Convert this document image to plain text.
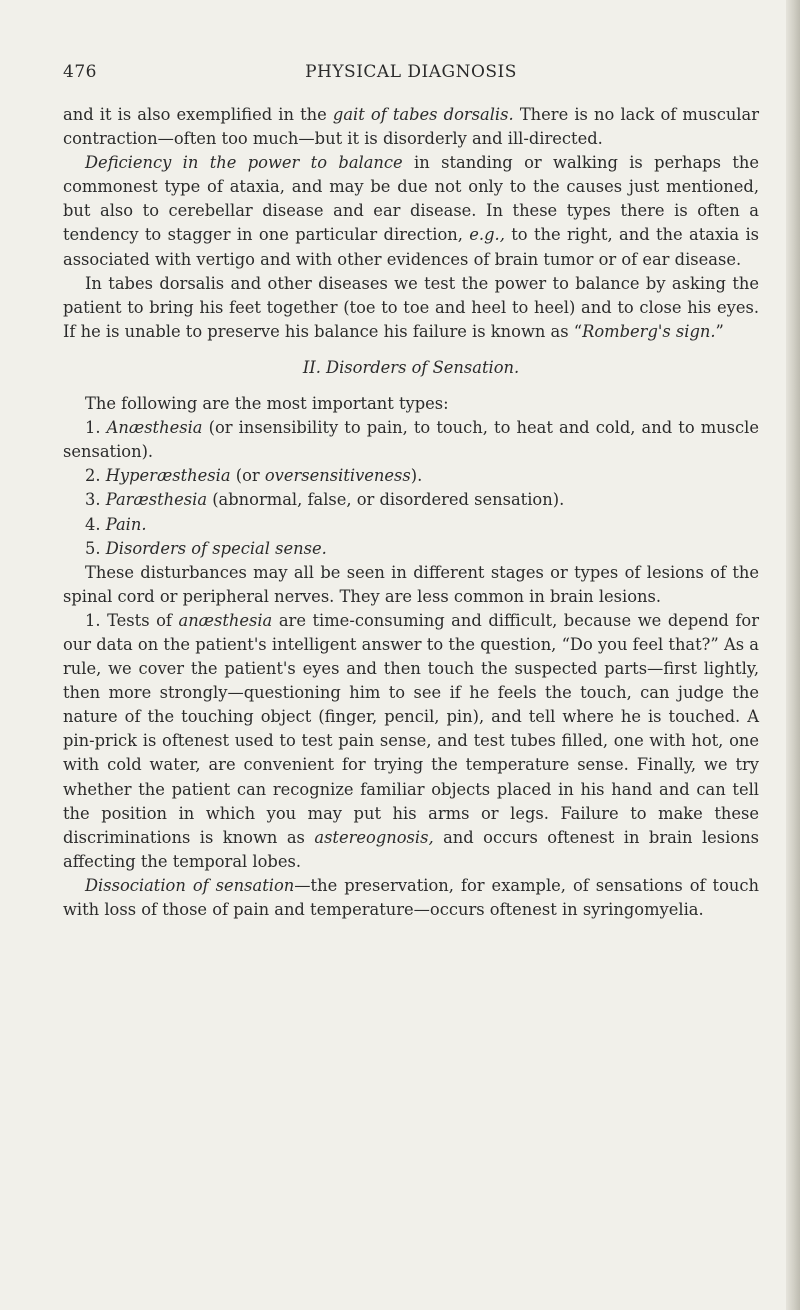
476	PHYSICAL DIAGNOSIS

and it is also exemplified in the gait of tabes dorsalis. There is no lack of muscular contraction—often too much—but it is disorderly and ill-directed.

Deficiency in the power to balance in standing or walking is perhaps the commonest type of ataxia, and may be due not only to the causes just mentioned, but also to cerebellar disease and ear disease. In these types there is often a tendency to stagger in one particular direction, e.g., to the right, and the ataxia is associated with vertigo and with other evidences of brain tumor or of ear disease.

In tabes dorsalis and other diseases we test the power to balance by asking the patient to bring his feet together (toe to toe and heel to heel) and to close his eyes. If he is unable to preserve his balance his failure is known as “Romberg's sign.”

II. Disorders of Sensation.

The following are the most important types:

1. Anæsthesia (or insensibility to pain, to touch, to heat and cold, and to muscle sensation).

2. Hyperæsthesia (or oversensitiveness).

3. Paræsthesia (abnormal, false, or disordered sensation).

4. Pain.

5. Disorders of special sense.

These disturbances may all be seen in different stages or types of lesions of the spinal cord or peripheral nerves. They are less common in brain lesions.

1. Tests of anæsthesia are time-consuming and difficult, because we depend for our data on the patient's intelligent answer to the question, “Do you feel that?” As a rule, we cover the patient's eyes and then touch the suspected parts—first lightly, then more strongly—questioning him to see if he feels the touch, can judge the nature of the touching object (finger, pencil, pin), and tell where he is touched. A pin-prick is oftenest used to test pain sense, and test tubes filled, one with hot, one with cold water, are convenient for trying the temperature sense. Finally, we try whether the patient can recognize familiar objects placed in his hand and can tell the position in which you may put his arms or legs. Failure to make these discriminations is known as astereognosis, and occurs oftenest in brain lesions affecting the temporal lobes.

Dissociation of sensation—the preservation, for example, of sensations of touch with loss of those of pain and temperature—occurs oftenest in syringomyelia.
